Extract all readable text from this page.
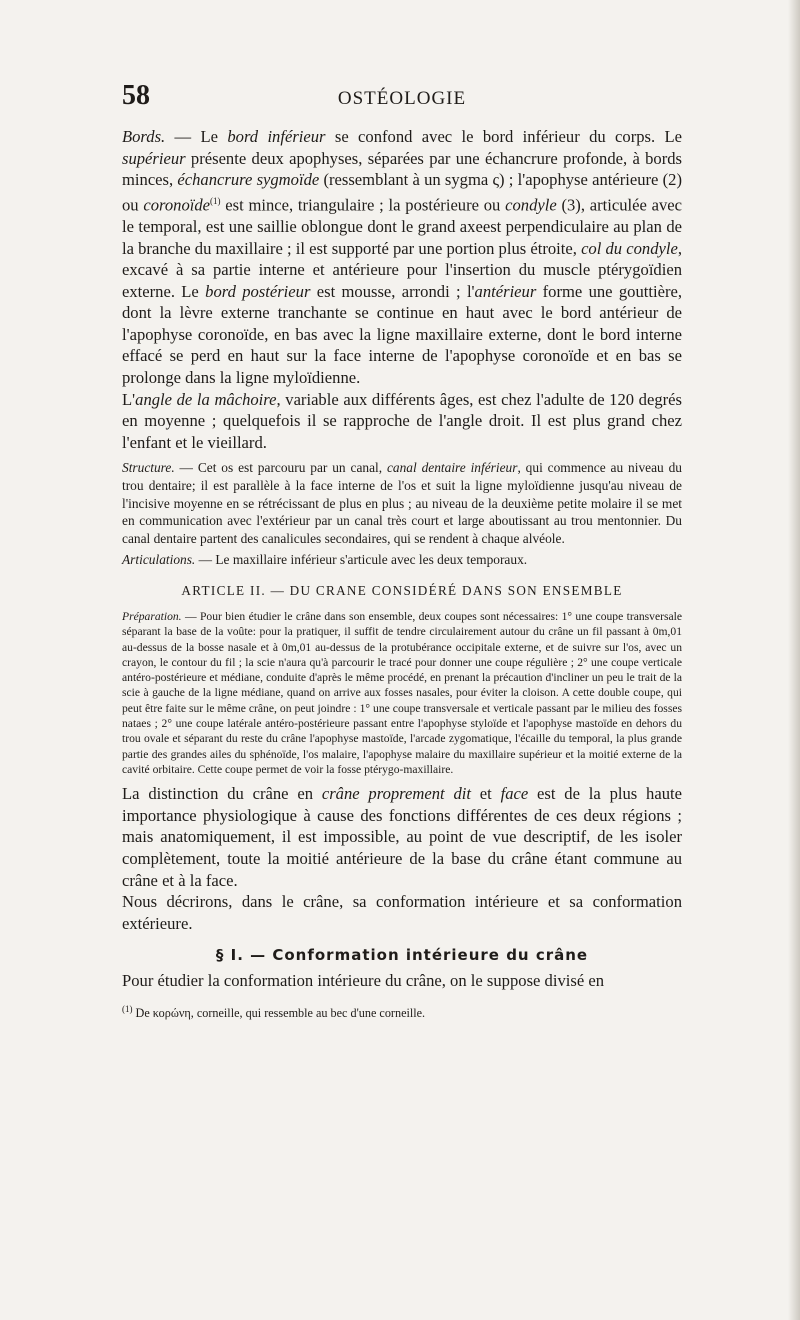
58	OSTÉOLOGIE

Bords. — Le bord inférieur se confond avec le bord inférieur du corps. Le supérieur présente deux apophyses, séparées par une échancrure profonde, à bords minces, échancrure sygmoïde (ressemblant à un sygma ς) ; l'apophyse antérieure (2) ou coronoïde$^{(1)}$ est mince, triangulaire ; la postérieure ou condyle (3), articulée avec le temporal, est une saillie oblongue dont le grand axeest perpendiculaire au plan de la branche du maxillaire ; il est supporté par une portion plus étroite, col du condyle, excavé à sa partie interne et antérieure pour l'insertion du muscle ptérygoïdien externe. Le bord postérieur est mousse, arrondi ; l'antérieur forme une gouttière, dont la lèvre externe tranchante se continue en haut avec le bord antérieur de l'apophyse coronoïde, en bas avec la ligne maxillaire externe, dont le bord interne effacé se perd en haut sur la face interne de l'apophyse coronoïde et en bas se prolonge dans la ligne myloïdienne.

L'angle de la mâchoire, variable aux différents âges, est chez l'adulte de 120 degrés en moyenne ; quelquefois il se rapproche de l'angle droit. Il est plus grand chez l'enfant et le vieillard.

Structure. — Cet os est parcouru par un canal, canal dentaire inférieur, qui commence au niveau du trou dentaire; il est parallèle à la face interne de l'os et suit la ligne myloïdienne jusqu'au niveau de l'incisive moyenne en se rétrécissant de plus en plus ; au niveau de la deuxième petite molaire il se met en communication avec l'extérieur par un canal très court et large aboutissant au trou mentonnier. Du canal dentaire partent des canalicules secondaires, qui se rendent à chaque alvéole.

Articulations. — Le maxillaire inférieur s'articule avec les deux temporaux.

ARTICLE II. — DU CRANE CONSIDÉRÉ DANS SON ENSEMBLE

Préparation. — Pour bien étudier le crâne dans son ensemble, deux coupes sont nécessaires: 1° une coupe transversale séparant la base de la voûte: pour la pratiquer, il suffit de tendre circulairement autour du crâne un fil passant à 0m,01 au-dessus de la bosse nasale et à 0m,01 au-dessus de la protubérance occipitale externe, et de suivre sur l'os, avec un crayon, le contour du fil ; la scie n'aura qu'à parcourir le tracé pour donner une coupe régulière ; 2° une coupe verticale antéro-postérieure et médiane, conduite d'après le même procédé, en prenant la précaution d'incliner un peu le trait de la scie à gauche de la ligne médiane, quand on arrive aux fosses nasales, pour éviter la cloison. A cette double coupe, qui peut être faite sur le même crâne, on peut joindre : 1° une coupe transversale et verticale passant par le milieu des fosses nataes ; 2° une coupe latérale antéro-postérieure passant entre l'apophyse styloïde et l'apophyse mastoïde en dehors du trou ovale et séparant du reste du crâne l'apophyse mastoïde, l'arcade zygomatique, l'écaille du temporal, la plus grande partie des grandes ailes du sphénoïde, l'os malaire, l'apophyse malaire du maxillaire supérieur et la moitié externe de la cavité orbitaire. Cette coupe permet de voir la fosse ptérygo-maxillaire.

La distinction du crâne en crâne proprement dit et face est de la plus haute importance physiologique à cause des fonctions différentes de ces deux régions ; mais anatomiquement, il est impossible, au point de vue descriptif, de les isoler complètement, toute la moitié antérieure de la base du crâne étant commune au crâne et à la face.

Nous décrirons, dans le crâne, sa conformation intérieure et sa conformation extérieure.

§ I. — Conformation intérieure du crâne

Pour étudier la conformation intérieure du crâne, on le suppose divisé en

$^{(1)}$ De κορώνη, corneille, qui ressemble au bec d'une corneille.
